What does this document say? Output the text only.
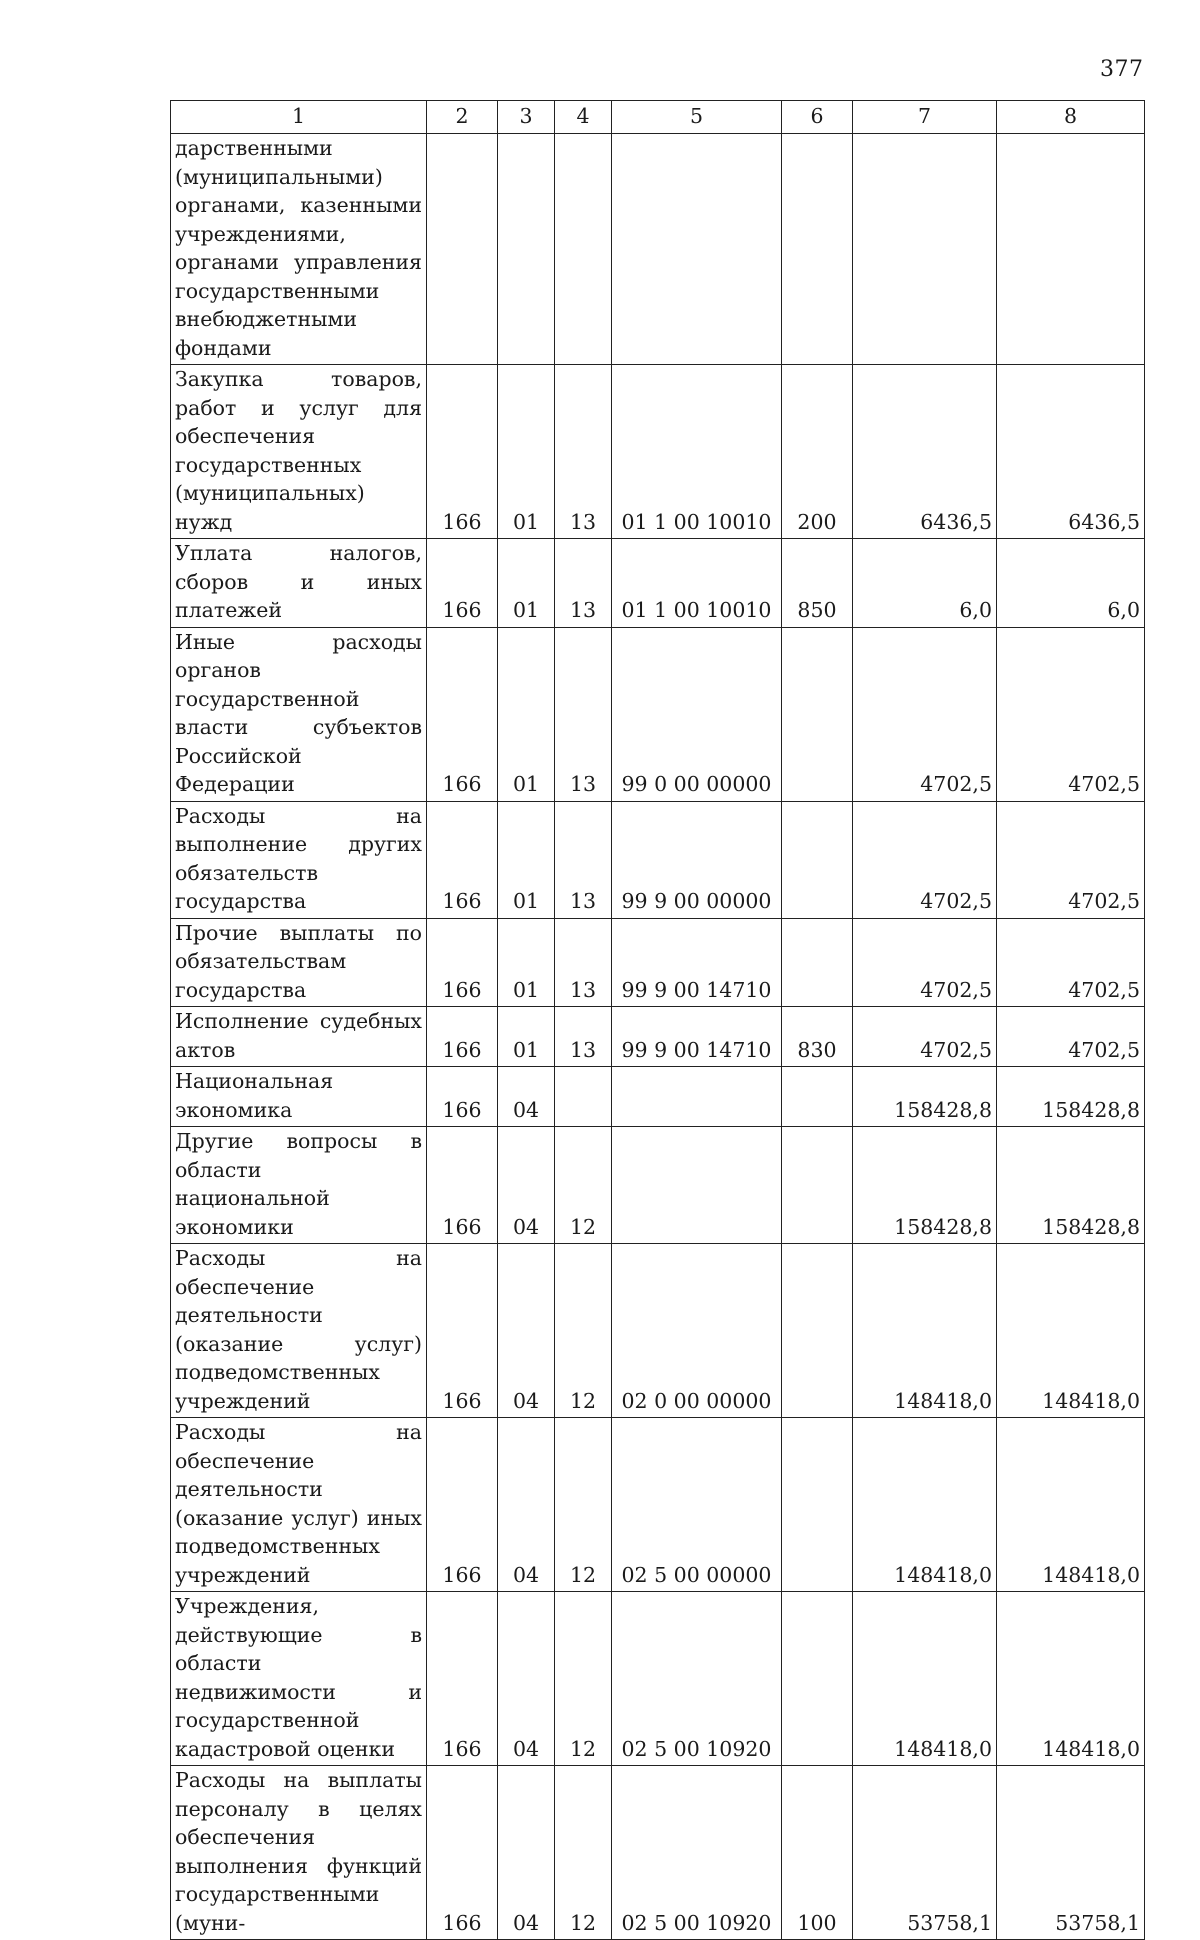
377
1	2	3	4	5	6	7	8
дарственными (муниципальными) органами, казенными учреждениями, органами управления государственными внебюджетными фондами							
Закупка товаров, работ и услуг для обеспечения государственных (муниципальных) нужд	166	01	13	01 1 00 10010	200	6436,5	6436,5
Уплата налогов, сборов и иных платежей	166	01	13	01 1 00 10010	850	6,0	6,0
Иные расходы органов государственной власти субъектов Российской Федерации	166	01	13	99 0 00 00000		4702,5	4702,5
Расходы на выполнение других обязательств государства	166	01	13	99 9 00 00000		4702,5	4702,5
Прочие выплаты по обязательствам государства	166	01	13	99 9 00 14710		4702,5	4702,5
Исполнение судебных актов	166	01	13	99 9 00 14710	830	4702,5	4702,5
Национальная экономика	166	04				158428,8	158428,8
Другие вопросы в области национальной экономики	166	04	12			158428,8	158428,8
Расходы на обеспечение деятельности (оказание услуг) подведомственных учреждений	166	04	12	02 0 00 00000		148418,0	148418,0
Расходы на обеспечение деятельности (оказание услуг) иных подведомственных учреждений	166	04	12	02 5 00 00000		148418,0	148418,0
Учреждения, действующие в области недвижимости и государственной кадастровой оценки	166	04	12	02 5 00 10920		148418,0	148418,0
Расходы на выплаты персоналу в целях обеспечения выполнения функций государственными (муни-	166	04	12	02 5 00 10920	100	53758,1	53758,1
